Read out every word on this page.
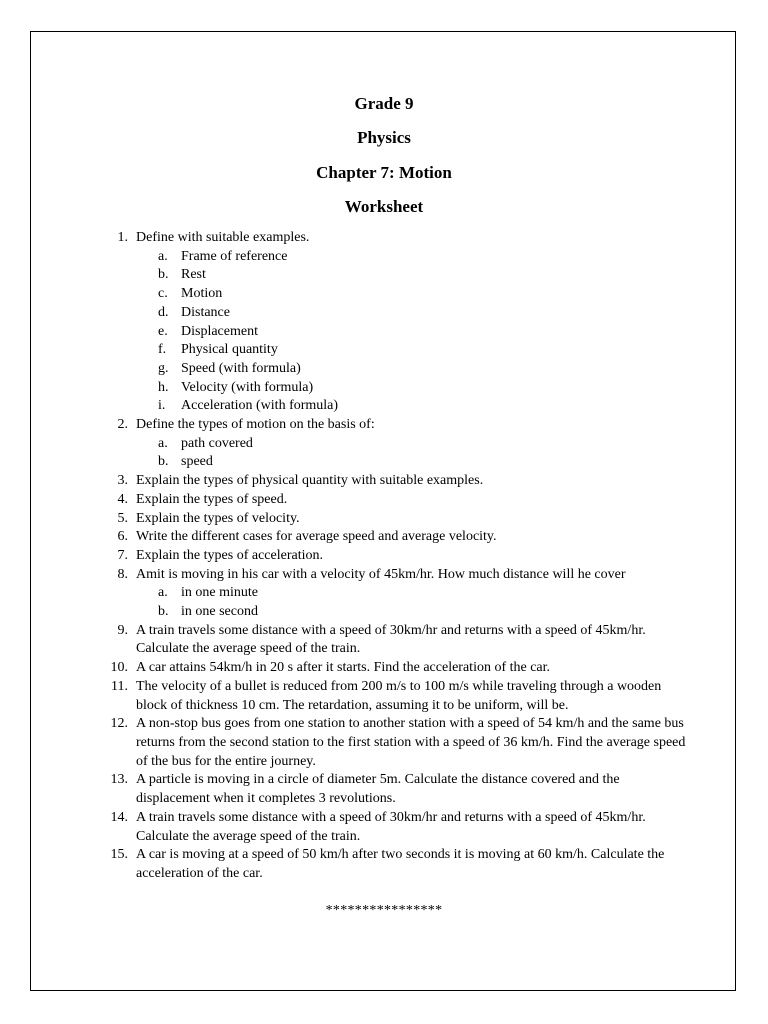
Grade 9
Physics
Chapter 7: Motion
Worksheet
1. Define with suitable examples.
a. Frame of reference
b. Rest
c. Motion
d. Distance
e. Displacement
f. Physical quantity
g. Speed (with formula)
h. Velocity (with formula)
i. Acceleration (with formula)
2. Define the types of motion on the basis of:
a. path covered
b. speed
3. Explain the types of physical quantity with suitable examples.
4. Explain the types of speed.
5. Explain the types of velocity.
6. Write the different cases for average speed and average velocity.
7. Explain the types of acceleration.
8. Amit is moving in his car with a velocity of 45km/hr. How much distance will he cover
a. in one minute
b. in one second
9. A train travels some distance with a speed of 30km/hr and returns with a speed of 45km/hr. Calculate the average speed of the train.
10. A car attains 54km/h in 20 s after it starts. Find the acceleration of the car.
11. The velocity of a bullet is reduced from 200 m/s to 100 m/s while traveling through a wooden block of thickness 10 cm. The retardation, assuming it to be uniform, will be.
12. A non-stop bus goes from one station to another station with a speed of 54 km/h and the same bus returns from the second station to the first station with a speed of 36 km/h. Find the average speed of the bus for the entire journey.
13. A particle is moving in a circle of diameter 5m. Calculate the distance covered and the displacement when it completes 3 revolutions.
14. A train travels some distance with a speed of 30km/hr and returns with a speed of 45km/hr. Calculate the average speed of the train.
15. A car is moving at a speed of 50 km/h after two seconds it is moving at 60 km/h. Calculate the acceleration of the car.
****************
